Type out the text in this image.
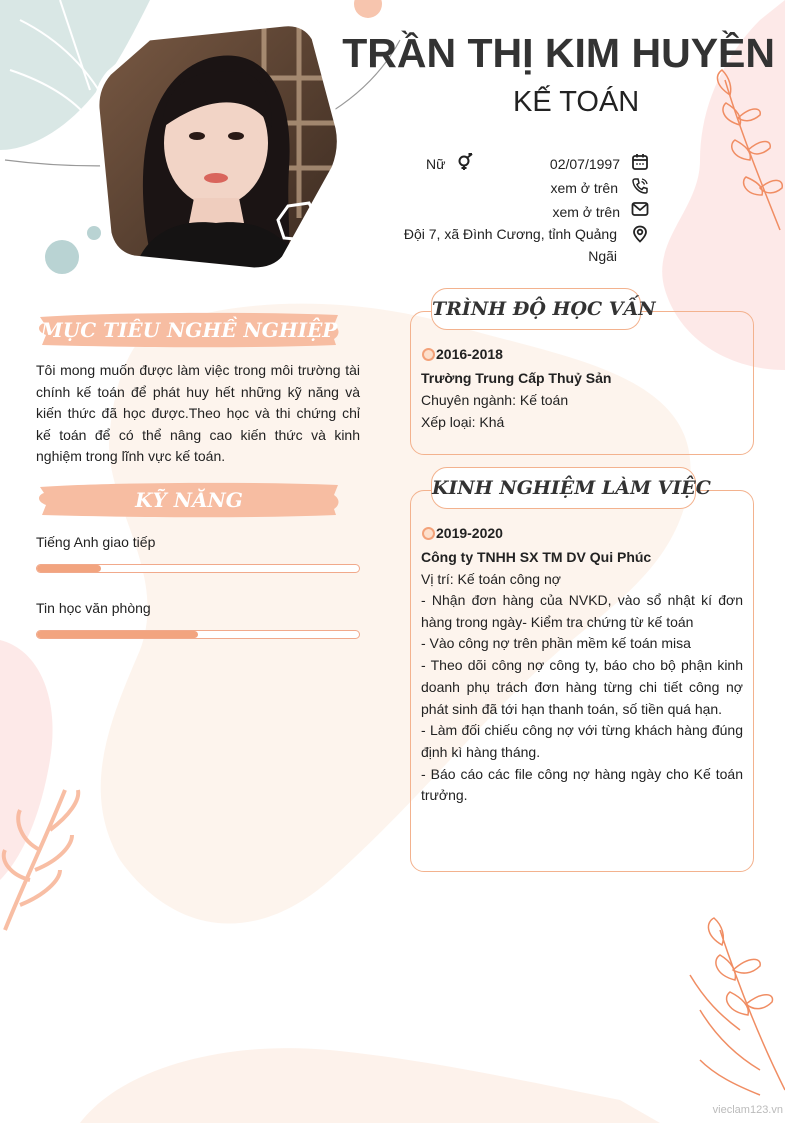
TRẦN THỊ KIM HUYỀN
KẾ TOÁN
Nữ	02/07/1997
xem ở trên
xem ở trên
Đội 7, xã Đình Cương, tỉnh Quảng
Ngãi
MỤC TIÊU NGHỀ NGHIỆP
Tôi mong muốn được làm việc trong môi trường tài chính kế toán để phát huy hết những kỹ năng và kiến thức đã học được.Theo học và thi chứng chỉ kế toán để có thể nâng cao kiến thức và kinh nghiệm trong lĩnh vực kế toán.
KỸ NĂNG
Tiếng Anh giao tiếp
Tin học văn phòng
TRÌNH ĐỘ HỌC VẤN
2016-2018
Trường Trung Cấp Thuỷ Sản
Chuyên ngành: Kế toán
Xếp loại: Khá
KINH NGHIỆM LÀM VIỆC
2019-2020
Công ty TNHH SX TM DV Qui Phúc
Vị trí: Kế toán công nợ
- Nhận đơn hàng của NVKD, vào sổ nhật kí đơn hàng trong ngày- Kiểm tra chứng từ kế toán
- Vào công nợ trên phần mềm kế toán misa
- Theo dõi công nợ công ty, báo cho bộ phận kinh doanh phụ trách đơn hàng từng chi tiết công nợ phát sinh đã tới hạn thanh toán, số tiền quá hạn.
- Làm đối chiếu công nợ với từng khách hàng đúng định kì hàng tháng.
- Báo cáo các file công nợ hàng ngày cho Kế toán trưởng.
vieclam123.vn
